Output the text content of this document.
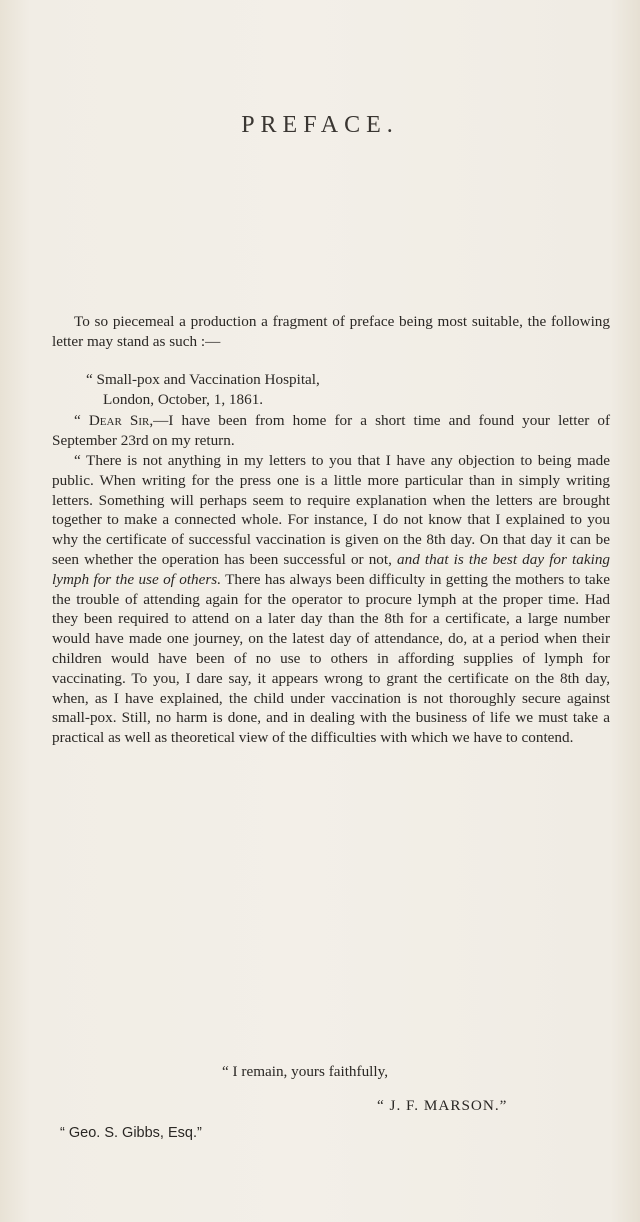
PREFACE.
To so piecemeal a production a fragment of preface being most suitable, the following letter may stand as such :—
“ Small-pox and Vaccination Hospital,
London, October, 1, 1861.
“ Dear Sir,—I have been from home for a short time and found your letter of September 23rd on my return.
“ There is not anything in my letters to you that I have any objection to being made public. When writing for the press one is a little more particular than in simply writing letters. Something will perhaps seem to require explanation when the letters are brought together to make a connected whole. For instance, I do not know that I explained to you why the certificate of successful vaccination is given on the 8th day. On that day it can be seen whether the operation has been successful or not, and that is the best day for taking lymph for the use of others. There has always been difficulty in getting the mothers to take the trouble of attending again for the operator to procure lymph at the proper time. Had they been required to attend on a later day than the 8th for a certificate, a large number would have made one journey, on the latest day of attendance, do, at a period when their children would have been of no use to others in affording supplies of lymph for vaccinating. To you, I dare say, it appears wrong to grant the certificate on the 8th day, when, as I have explained, the child under vaccination is not thoroughly secure against small-pox. Still, no harm is done, and in dealing with the business of life we must take a practical as well as theoretical view of the difficulties with which we have to contend.
“ I remain, yours faithfully,
“ J. F. MARSON.”
“ Geo. S. Gibbs, Esq.”
